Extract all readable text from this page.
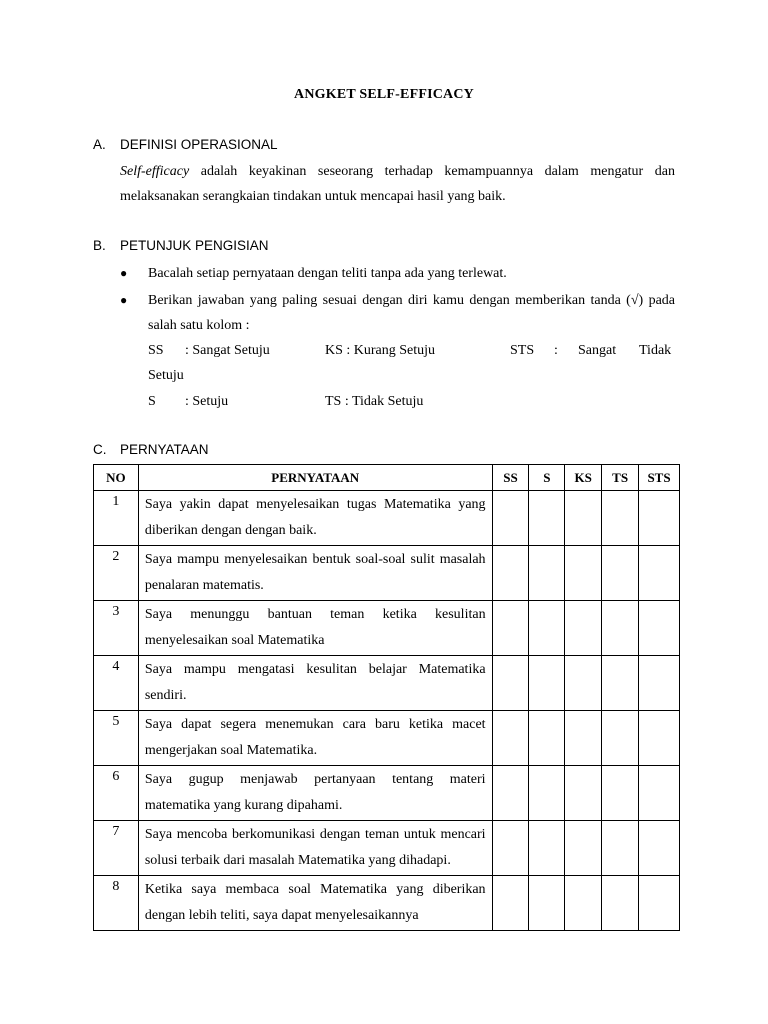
ANGKET SELF-EFFICACY
A. DEFINISI OPERASIONAL
Self-efficacy adalah keyakinan seseorang terhadap kemampuannya dalam mengatur dan melaksanakan serangkaian tindakan untuk mencapai hasil yang baik.
B. PETUNJUK PENGISIAN
●	Bacalah setiap pernyataan dengan teliti tanpa ada yang terlewat.
●	Berikan jawaban yang paling sesuai dengan diri kamu dengan memberikan tanda (√) pada salah satu kolom :
SS : Sangat Setuju	KS : Kurang Setuju	STS : Sangat Tidak
Setuju
S : Setuju	TS : Tidak Setuju
C. PERNYATAAN
NO	PERNYATAAN	SS	S	KS	TS	STS
1	Saya yakin dapat menyelesaikan tugas Matematika yang diberikan dengan dengan baik.					
2	Saya mampu menyelesaikan bentuk soal-soal sulit masalah penalaran matematis.					
3	Saya menunggu bantuan teman ketika kesulitan menyelesaikan soal Matematika					
4	Saya mampu mengatasi kesulitan belajar Matematika sendiri.					
5	Saya dapat segera menemukan cara baru ketika macet mengerjakan soal Matematika.					
6	Saya gugup menjawab pertanyaan tentang materi matematika yang kurang dipahami.					
7	Saya mencoba berkomunikasi dengan teman untuk mencari solusi terbaik dari masalah Matematika yang dihadapi.					
8	Ketika saya membaca soal Matematika yang diberikan dengan lebih teliti, saya dapat menyelesaikannya					
